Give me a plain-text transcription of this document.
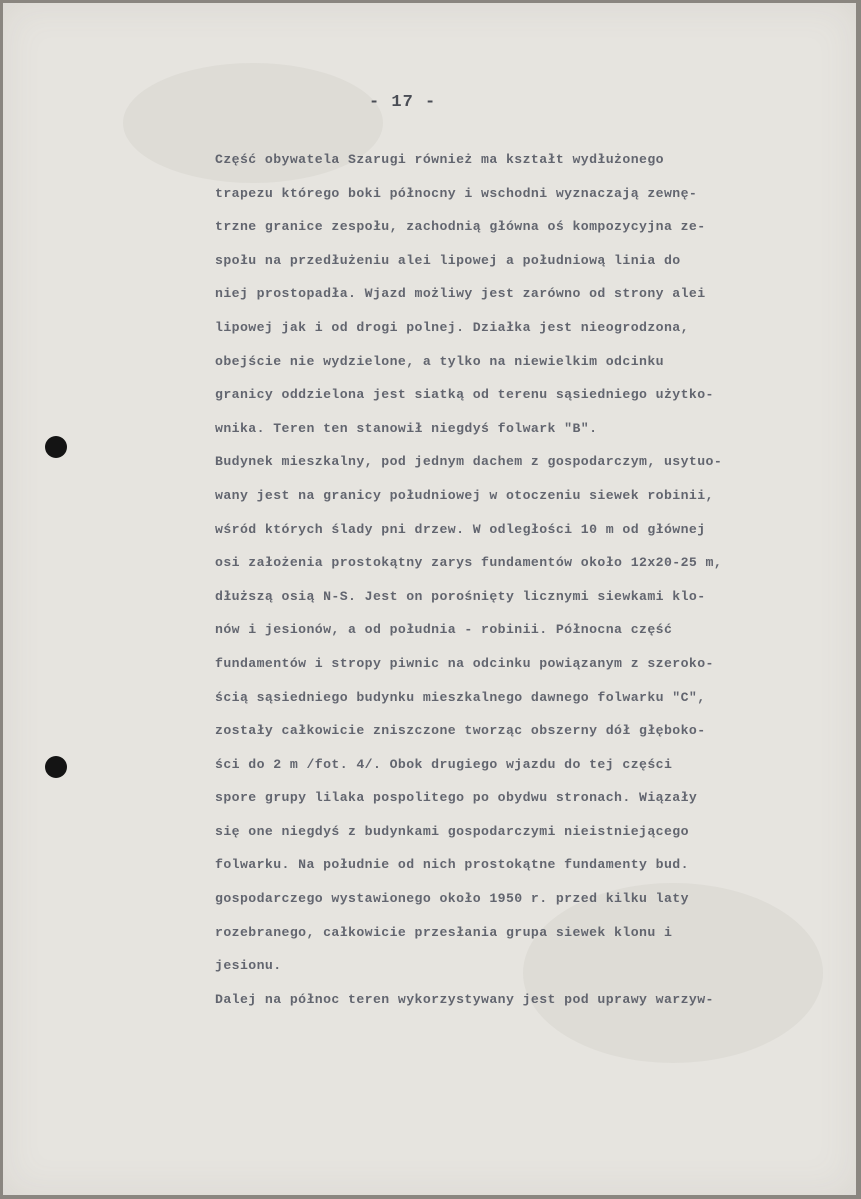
- 17 -
Część obywatela Szarugi również ma kształt wydłużonego
trapezu którego boki północny i wschodni wyznaczają zewnę-
trzne granice zespołu, zachodnią główna oś kompozycyjna ze-
społu na przedłużeniu alei lipowej a południową linia do
niej prostopadła. Wjazd możliwy jest zarówno od strony alei
lipowej jak i od drogi polnej. Działka jest nieogrodzona,
obejście nie wydzielone, a tylko na niewielkim odcinku
granicy oddzielona jest siatką od terenu sąsiedniego użytko-
wnika. Teren ten stanowił niegdyś folwark "B".
Budynek mieszkalny, pod jednym dachem z gospodarczym, usytuo-
wany jest na granicy południowej w otoczeniu siewek robinii,
wśród których ślady pni drzew. W odległości 10 m od głównej
osi założenia prostokątny zarys fundamentów około 12x20-25 m,
dłuższą osią N-S. Jest on porośnięty licznymi siewkami klo-
nów i jesionów, a od południa - robinii. Północna część
fundamentów i stropy piwnic na odcinku powiązanym z szeroko-
ścią sąsiedniego budynku mieszkalnego dawnego folwarku "C",
zostały całkowicie zniszczone tworząc obszerny dół głęboko-
ści do 2 m /fot. 4/. Obok drugiego wjazdu do tej części
spore grupy lilaka pospolitego po obydwu stronach. Wiązały
się one niegdyś z budynkami gospodarczymi nieistniejącego
folwarku. Na południe od nich prostokątne fundamenty bud.
gospodarczego wystawionego około 1950 r. przed kilku laty
rozebranego, całkowicie przesłania grupa siewek klonu i
jesionu.
Dalej na północ teren wykorzystywany jest pod uprawy warzyw-
